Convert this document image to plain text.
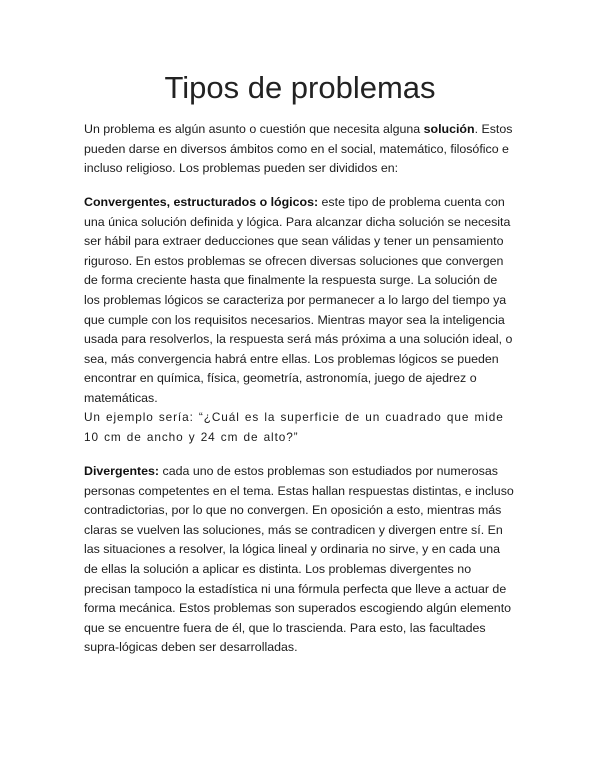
Tipos de problemas

Un problema es algún asunto o cuestión que necesita alguna solución. Estos pueden darse en diversos ámbitos como en el social, matemático, filosófico e incluso religioso. Los problemas pueden ser divididos en:

Convergentes, estructurados o lógicos: este tipo de problema cuenta con una única solución definida y lógica. Para alcanzar dicha solución se necesita ser hábil para extraer deducciones que sean válidas y tener un pensamiento riguroso. En estos problemas se ofrecen diversas soluciones que convergen de forma creciente hasta que finalmente la respuesta surge. La solución de los problemas lógicos se caracteriza por permanecer a lo largo del tiempo ya que cumple con los requisitos necesarios. Mientras mayor sea la inteligencia usada para resolverlos, la respuesta será más próxima a una solución ideal, o sea, más convergencia habrá entre ellas. Los problemas lógicos se pueden encontrar en química, física, geometría, astronomía, juego de ajedrez o matemáticas.

Un ejemplo sería: “¿Cuál es la superficie de un cuadrado que mide 10 cm de ancho y 24 cm de alto?”

Divergentes: cada uno de estos problemas son estudiados por numerosas personas competentes en el tema. Estas hallan respuestas distintas, e incluso contradictorias, por lo que no convergen. En oposición a esto, mientras más claras se vuelven las soluciones, más se contradicen y divergen entre sí. En las situaciones a resolver, la lógica lineal y ordinaria no sirve, y en cada una de ellas la solución a aplicar es distinta. Los problemas divergentes no precisan tampoco la estadística ni una fórmula perfecta que lleve a actuar de forma mecánica. Estos problemas son superados escogiendo algún elemento que se encuentre fuera de él, que lo trascienda. Para esto, las facultades supra-lógicas deben ser desarrolladas.
